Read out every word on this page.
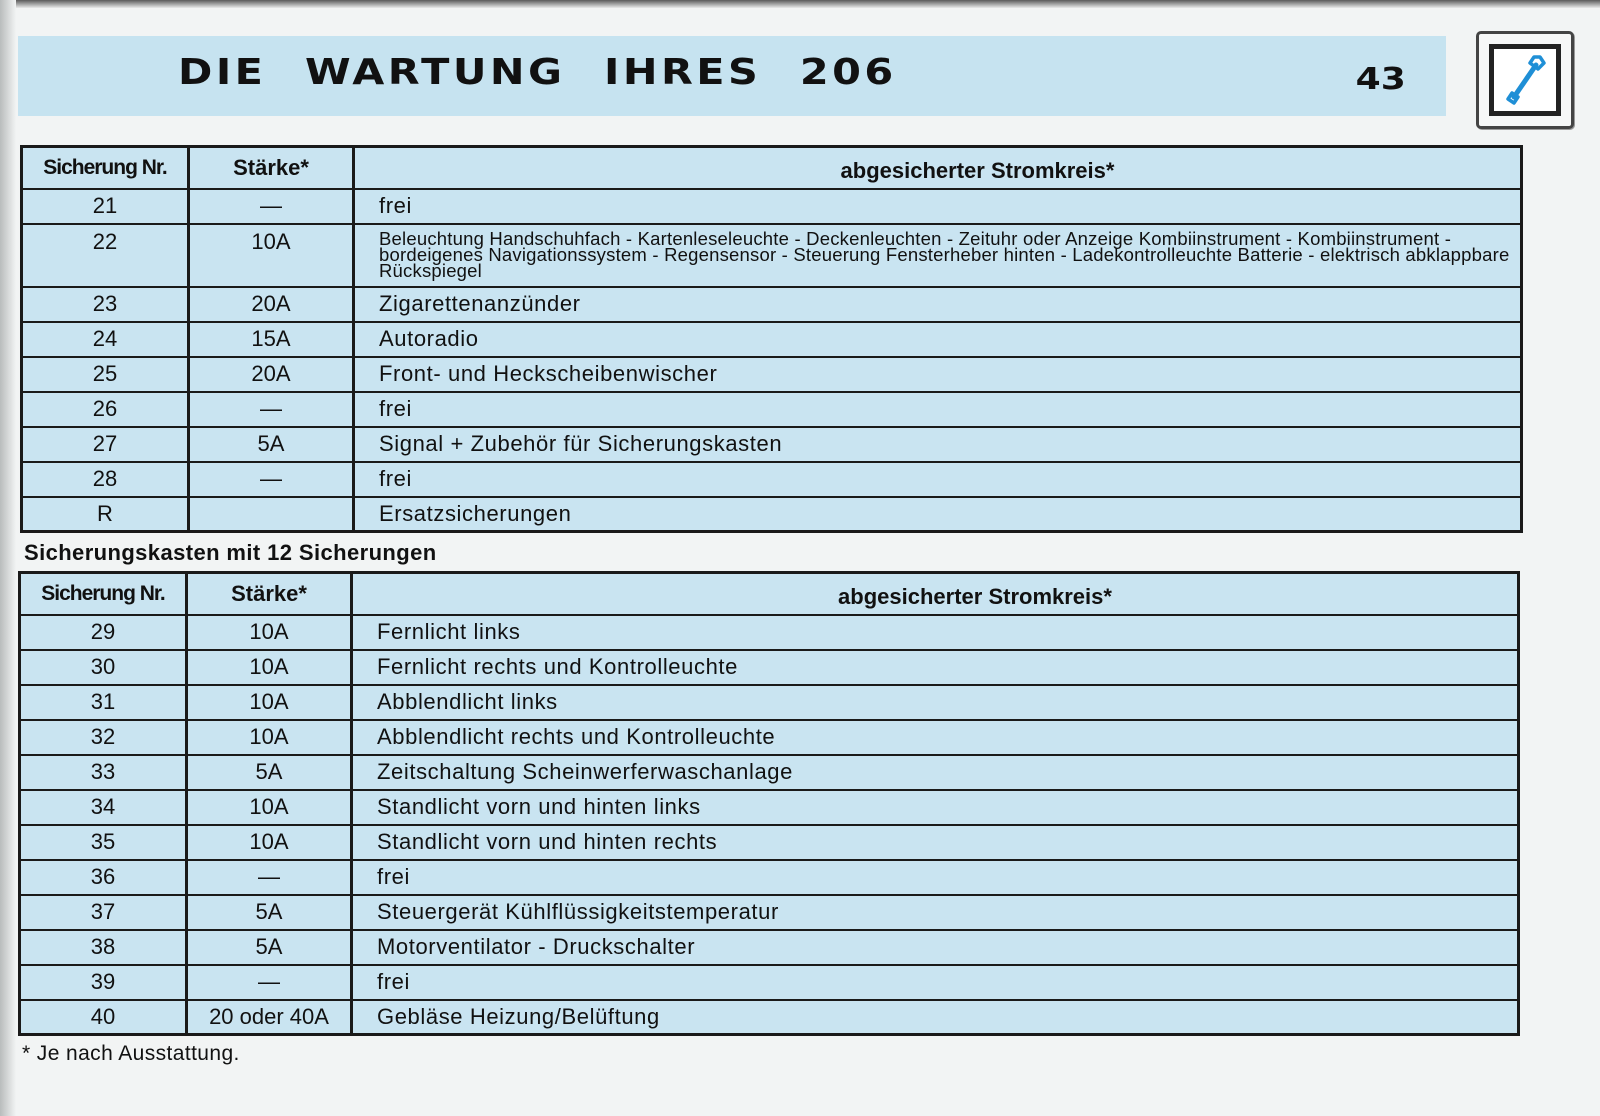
DIE WARTUNG IHRES 206	43
Sicherung Nr.	Stärke*	abgesicherter Stromkreis*
21	—	frei
22	10A	Beleuchtung Handschuhfach - Kartenleseleuchte - Deckenleuchten - Zeituhr oder Anzeige Kombiinstrument - Kombiinstrument - bordeigenes Navigationssystem - Regensensor - Steuerung Fensterheber hinten - Ladekontrolleuchte Batterie - elektrisch abklappbare Rückspiegel
23	20A	Zigarettenanzünder
24	15A	Autoradio
25	20A	Front- und Heckscheibenwischer
26	—	frei
27	5A	Signal + Zubehör für Sicherungskasten
28	—	frei
R		Ersatzsicherungen
Sicherungskasten mit 12 Sicherungen
Sicherung Nr.	Stärke*	abgesicherter Stromkreis*
29	10A	Fernlicht links
30	10A	Fernlicht rechts und Kontrolleuchte
31	10A	Abblendlicht links
32	10A	Abblendlicht rechts und Kontrolleuchte
33	5A	Zeitschaltung Scheinwerferwaschanlage
34	10A	Standlicht vorn und hinten links
35	10A	Standlicht vorn und hinten rechts
36	—	frei
37	5A	Steuergerät Kühlflüssigkeitstemperatur
38	5A	Motorventilator - Druckschalter
39	—	frei
40	20 oder 40A	Gebläse Heizung/Belüftung
* Je nach Ausstattung.
